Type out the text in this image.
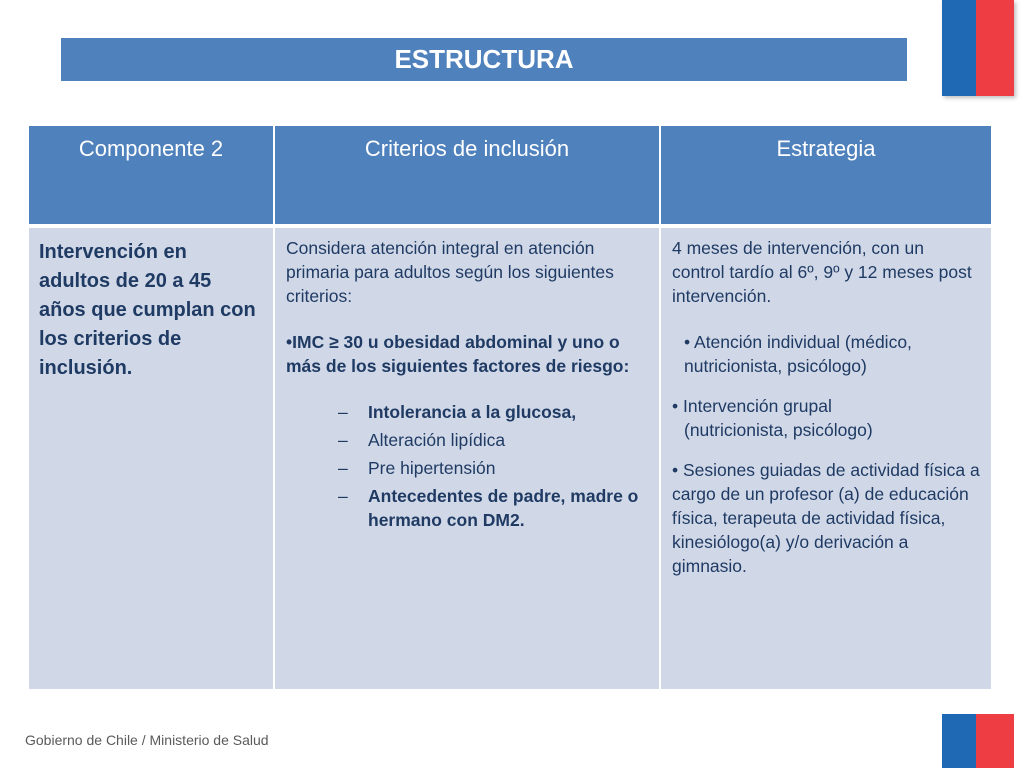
ESTRUCTURA
Componente 2	Criterios de inclusión	Estrategia

Intervención en adultos de 20 a 45 años que cumplan con los criterios de inclusión.

Considera atención integral en atención primaria para adultos según los siguientes criterios:

•IMC ≥ 30 u obesidad abdominal y uno o más de los siguientes factores de riesgo:

– Intolerancia a la glucosa,
– Alteración lipídica
– Pre hipertensión
– Antecedentes de padre, madre o hermano con DM2.

4 meses de intervención, con un control tardío al 6º, 9º y 12 meses post intervención.

• Atención individual (médico, nutricionista, psicólogo)

• Intervención grupal

(nutricionista, psicólogo)

• Sesiones guiadas de actividad física a cargo de un profesor (a) de educación física, terapeuta de actividad física, kinesiólogo(a) y/o derivación a gimnasio.

Gobierno de Chile / Ministerio de Salud
